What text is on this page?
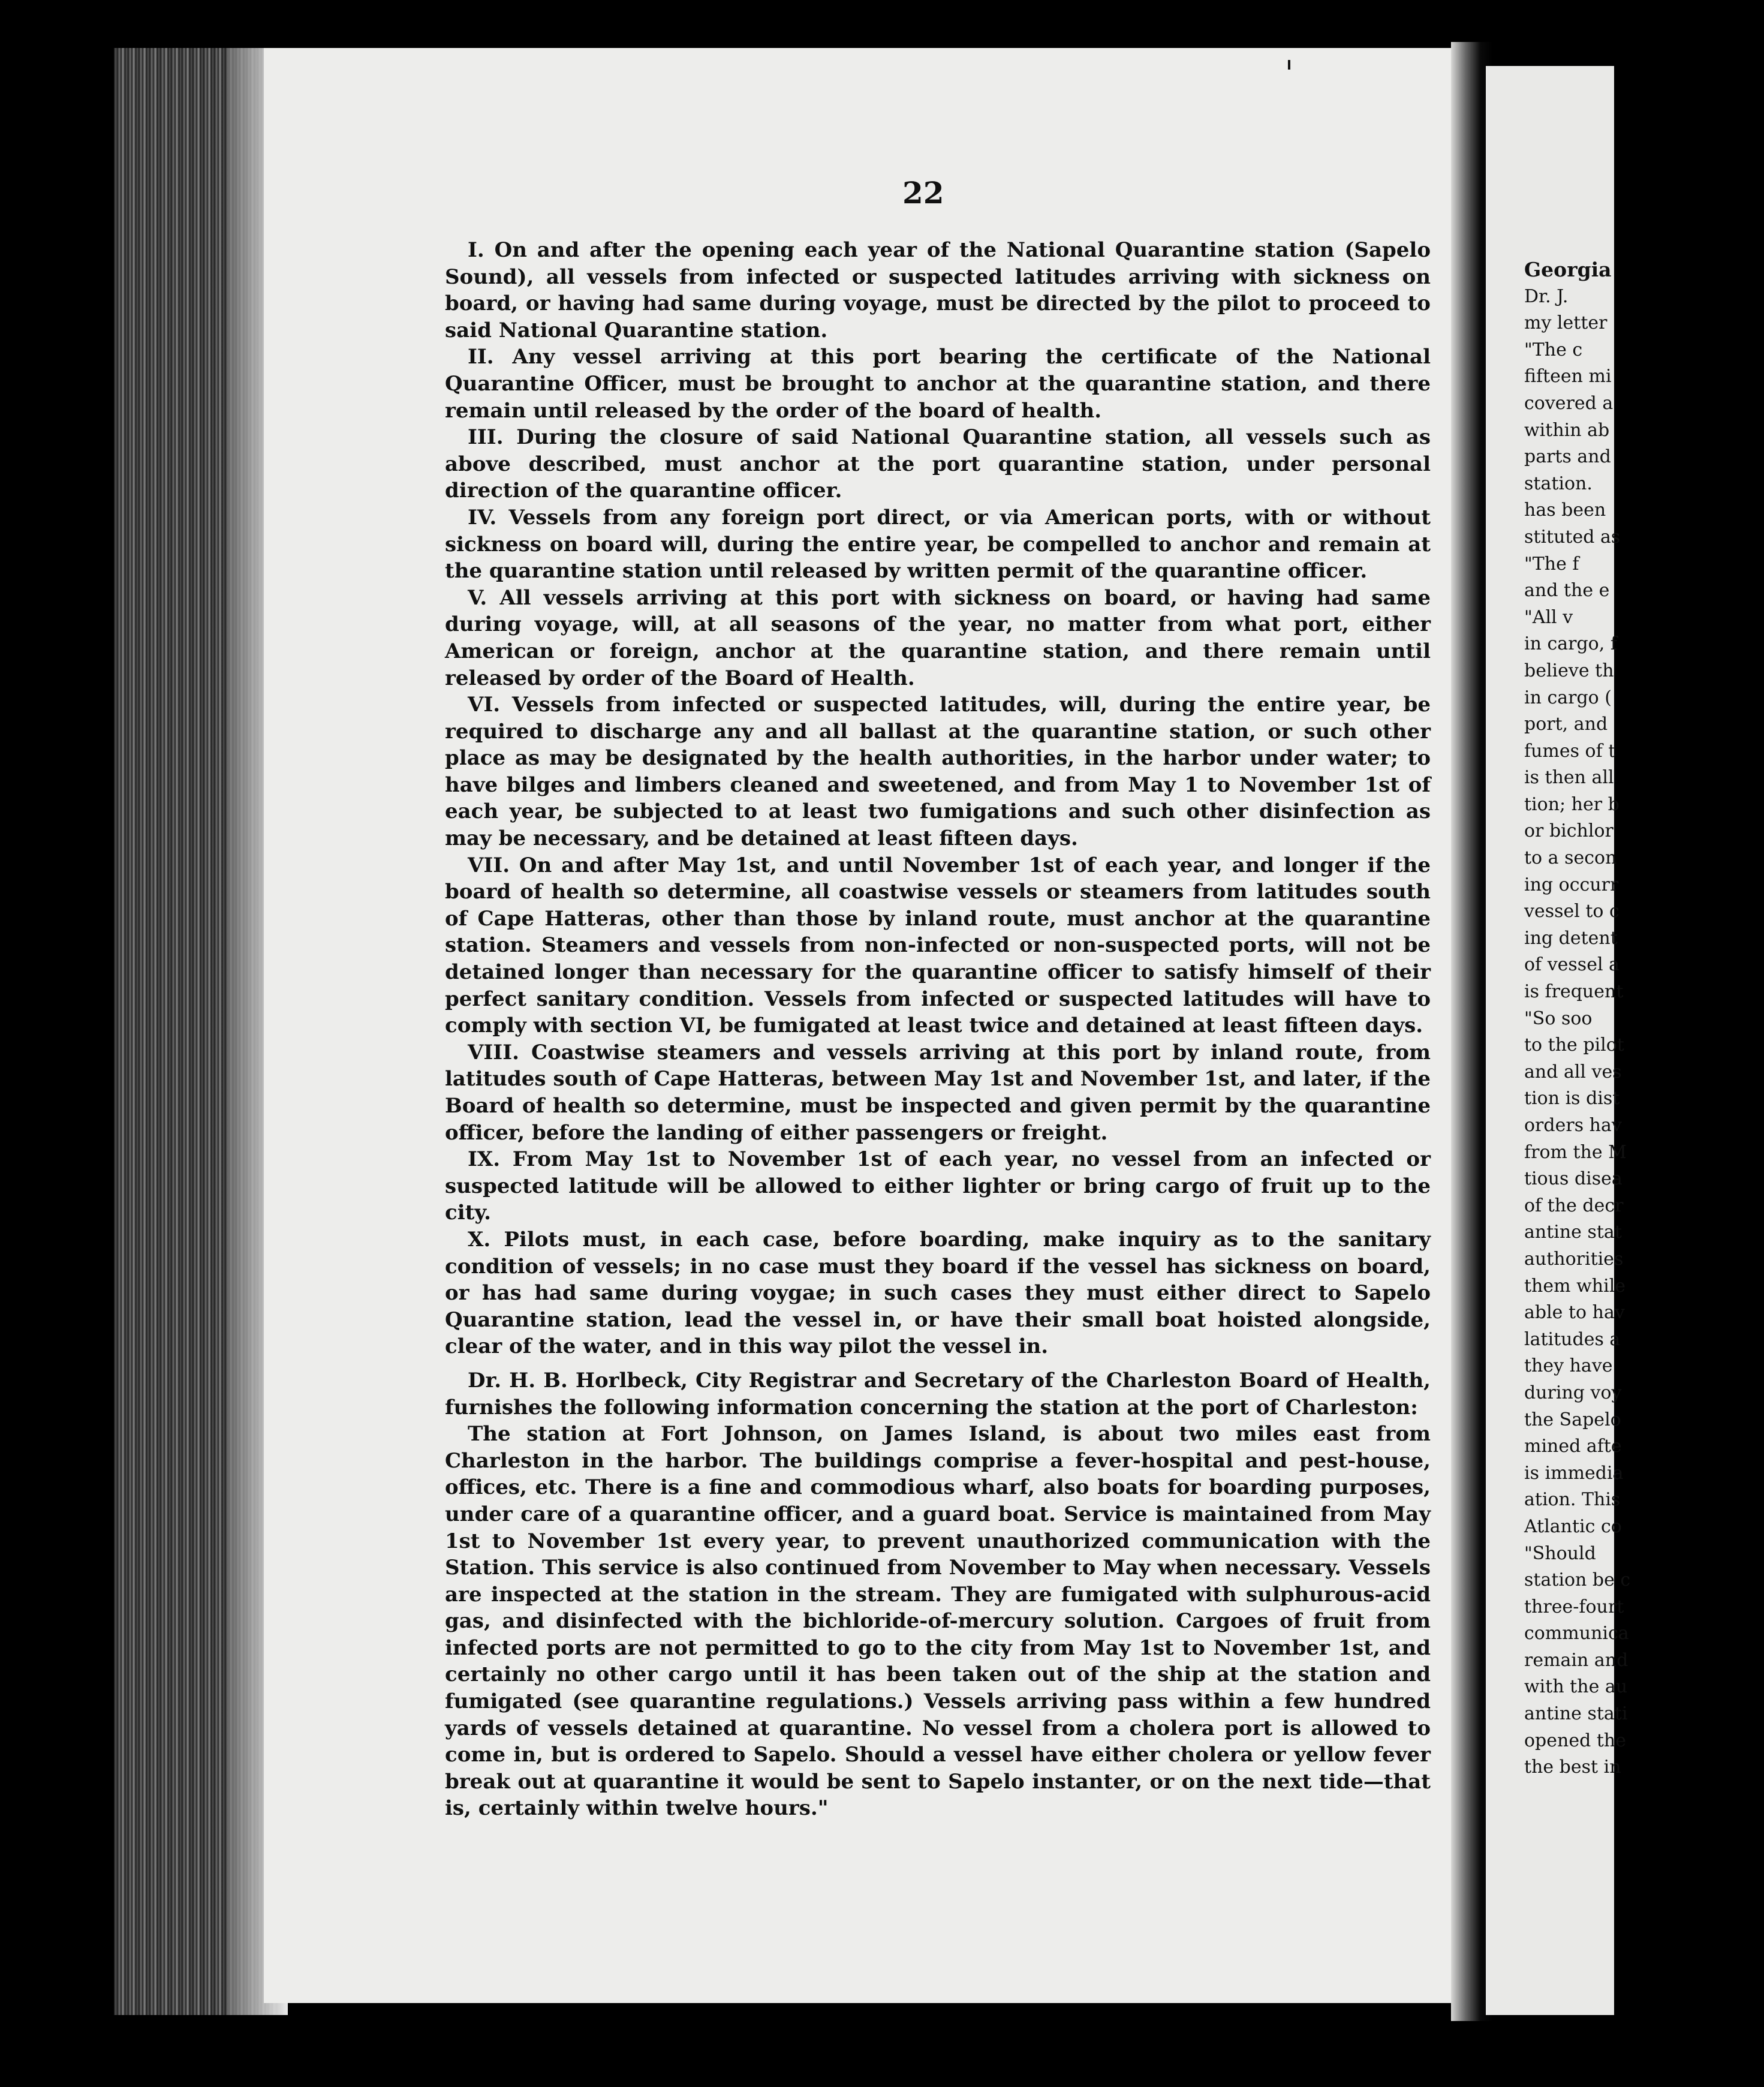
22

I. On and after the opening each year of the National Quarantine station (Sapelo Sound), all vessels from infected or suspected latitudes arriving with sickness on board, or having had same during voyage, must be directed by the pilot to proceed to said National Quarantine station.

II. Any vessel arriving at this port bearing the certificate of the National Quarantine Officer, must be brought to anchor at the quarantine station, and there remain until released by the order of the board of health.

III. During the closure of said National Quarantine station, all vessels such as above described, must anchor at the port quarantine station, under personal direction of the quarantine officer.

IV. Vessels from any foreign port direct, or via American ports, with or without sickness on board will, during the entire year, be compelled to anchor and remain at the quarantine station until released by written permit of the quarantine officer.

V. All vessels arriving at this port with sickness on board, or having had same during voyage, will, at all seasons of the year, no matter from what port, either American or foreign, anchor at the quarantine station, and there remain until released by order of the Board of Health.

VI. Vessels from infected or suspected latitudes, will, during the entire year, be required to discharge any and all ballast at the quarantine station, or such other place as may be designated by the health authorities, in the harbor under water; to have bilges and limbers cleaned and sweetened, and from May 1 to November 1st of each year, be subjected to at least two fumigations and such other disinfection as may be necessary, and be detained at least fifteen days.

VII. On and after May 1st, and until November 1st of each year, and longer if the board of health so determine, all coastwise vessels or steamers from latitudes south of Cape Hatteras, other than those by inland route, must anchor at the quarantine station. Steamers and vessels from non-infected or non-suspected ports, will not be detained longer than necessary for the quarantine officer to satisfy himself of their perfect sanitary condition. Vessels from infected or suspected latitudes will have to comply with section VI, be fumigated at least twice and detained at least fifteen days.

VIII. Coastwise steamers and vessels arriving at this port by inland route, from latitudes south of Cape Hatteras, between May 1st and November 1st, and later, if the Board of health so determine, must be inspected and given permit by the quarantine officer, before the landing of either passengers or freight.

IX. From May 1st to November 1st of each year, no vessel from an infected or suspected latitude will be allowed to either lighter or bring cargo of fruit up to the city.

X. Pilots must, in each case, before boarding, make inquiry as to the sanitary condition of vessels; in no case must they board if the vessel has sickness on board, or has had same during voygae; in such cases they must either direct to Sapelo Quarantine station, lead the vessel in, or have their small boat hoisted alongside, clear of the water, and in this way pilot the vessel in.

Dr. H. B. Horlbeck, City Registrar and Secretary of the Charleston Board of Health, furnishes the following information concerning the station at the port of Charleston:

The station at Fort Johnson, on James Island, is about two miles east from Charleston in the harbor. The buildings comprise a fever-hospital and pest-house, offices, etc. There is a fine and commodious wharf, also boats for boarding purposes, under care of a quarantine officer, and a guard boat. Service is maintained from May 1st to November 1st every year, to prevent unauthorized communication with the Station. This service is also continued from November to May when necessary. Vessels are inspected at the station in the stream. They are fumigated with sulphurous-acid gas, and disinfected with the bichloride-of-mercury solution. Cargoes of fruit from infected ports are not permitted to go to the city from May 1st to November 1st, and certainly no other cargo until it has been taken out of the ship at the station and fumigated (see quarantine regulations.) Vessels arriving pass within a few hundred yards of vessels detained at quarantine. No vessel from a cholera port is allowed to come in, but is ordered to Sapelo. Should a vessel have either cholera or yellow fever break out at quarantine it would be sent to Sapelo instanter, or on the next tide—that is, certainly within twelve hours."

Georgia
Dr. J.
my letter
"The c
fifteen mi
covered a
within ab
parts and
station.
has been
stituted as
"The f
and the e
"All v
in cargo, f
believe th
in cargo (
port, and
fumes of t
is then all
tion; her b
or bichlor
to a secon
ing occurr
vessel to c
ing detent
of vessel a
is frequent
"So soo
to the pilot
and all ves
tion is dist
orders hav
from the M
tious disea
of the decr
antine stat
authorities
them while
able to hav
latitudes a
they have
during voy
the Sapelo
mined afte
is immedia
ation. This
Atlantic co
"Should
station be c
three-fourt
communica
remain and
with the au
antine stati
opened the
the best in
